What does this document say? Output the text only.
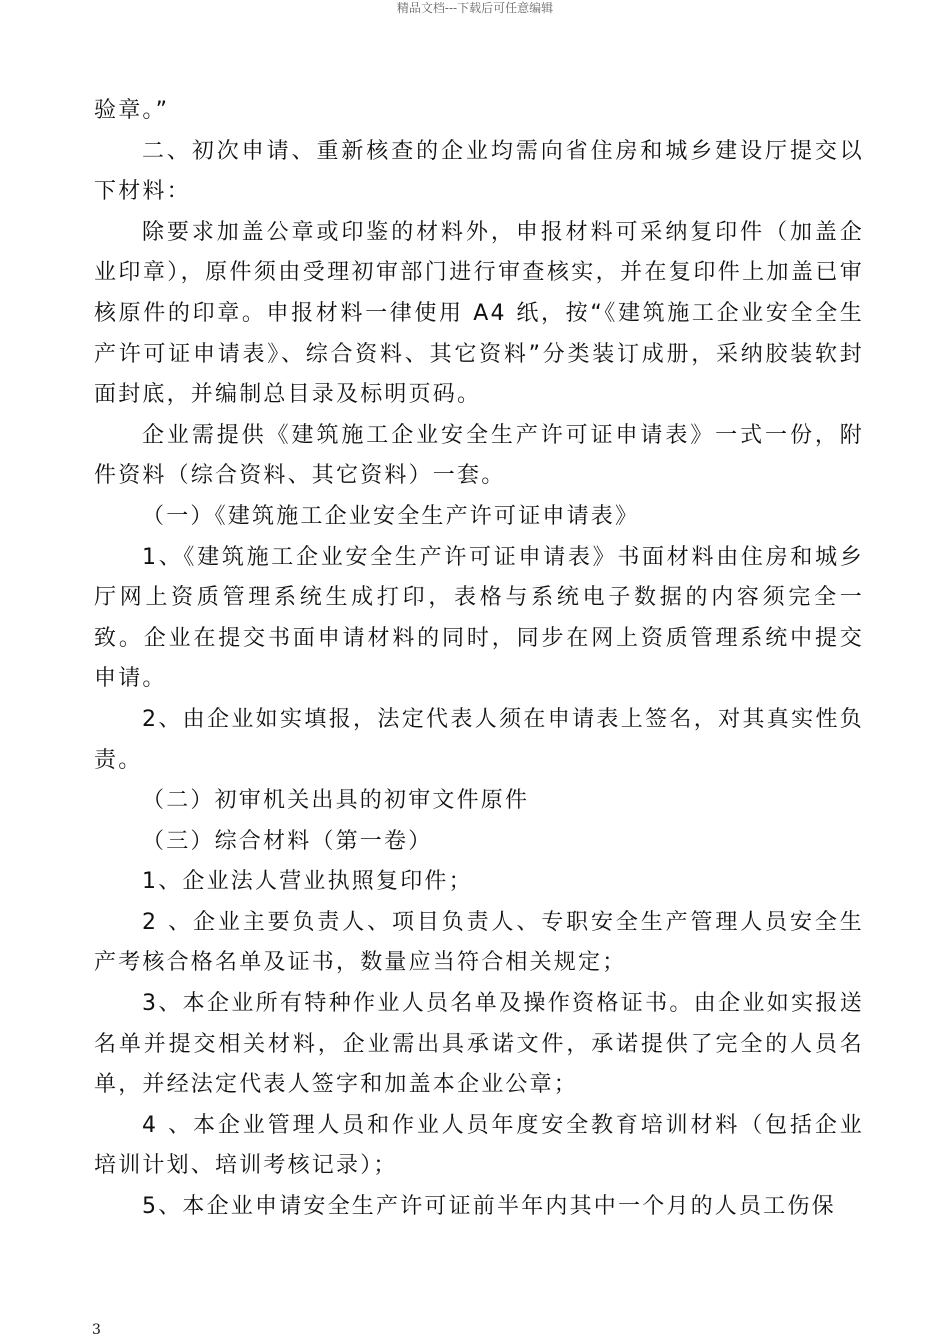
精品文档---下载后可任意编辑

验章。”

二、初次申请、重新核查的企业均需向省住房和城乡建设厅提交以下材料：

除要求加盖公章或印鉴的材料外，申报材料可采纳复印件（加盖企业印章），原件须由受理初审部门进行审查核实，并在复印件上加盖已审核原件的印章。申报材料一律使用 A4 纸，按“《建筑施工企业安全全生产许可证申请表》、综合资料、其它资料”分类装订成册，采纳胶装软封面封底，并编制总目录及标明页码。

企业需提供《建筑施工企业安全生产许可证申请表》一式一份，附件资料（综合资料、其它资料）一套。

（一）《建筑施工企业安全生产许可证申请表》

1、《建筑施工企业安全生产许可证申请表》书面材料由住房和城乡厅网上资质管理系统生成打印，表格与系统电子数据的内容须完全一致。企业在提交书面申请材料的同时，同步在网上资质管理系统中提交申请。

2、由企业如实填报，法定代表人须在申请表上签名，对其真实性负责。

（二）初审机关出具的初审文件原件

（三）综合材料（第一卷）

1、企业法人营业执照复印件；

2 、企业主要负责人、项目负责人、专职安全生产管理人员安全生产考核合格名单及证书，数量应当符合相关规定；

3、本企业所有特种作业人员名单及操作资格证书。由企业如实报送名单并提交相关材料，企业需出具承诺文件，承诺提供了完全的人员名单，并经法定代表人签字和加盖本企业公章；

4 、本企业管理人员和作业人员年度安全教育培训材料（包括企业培训计划、培训考核记录）；

5、本企业申请安全生产许可证前半年内其中一个月的人员工伤保

3
